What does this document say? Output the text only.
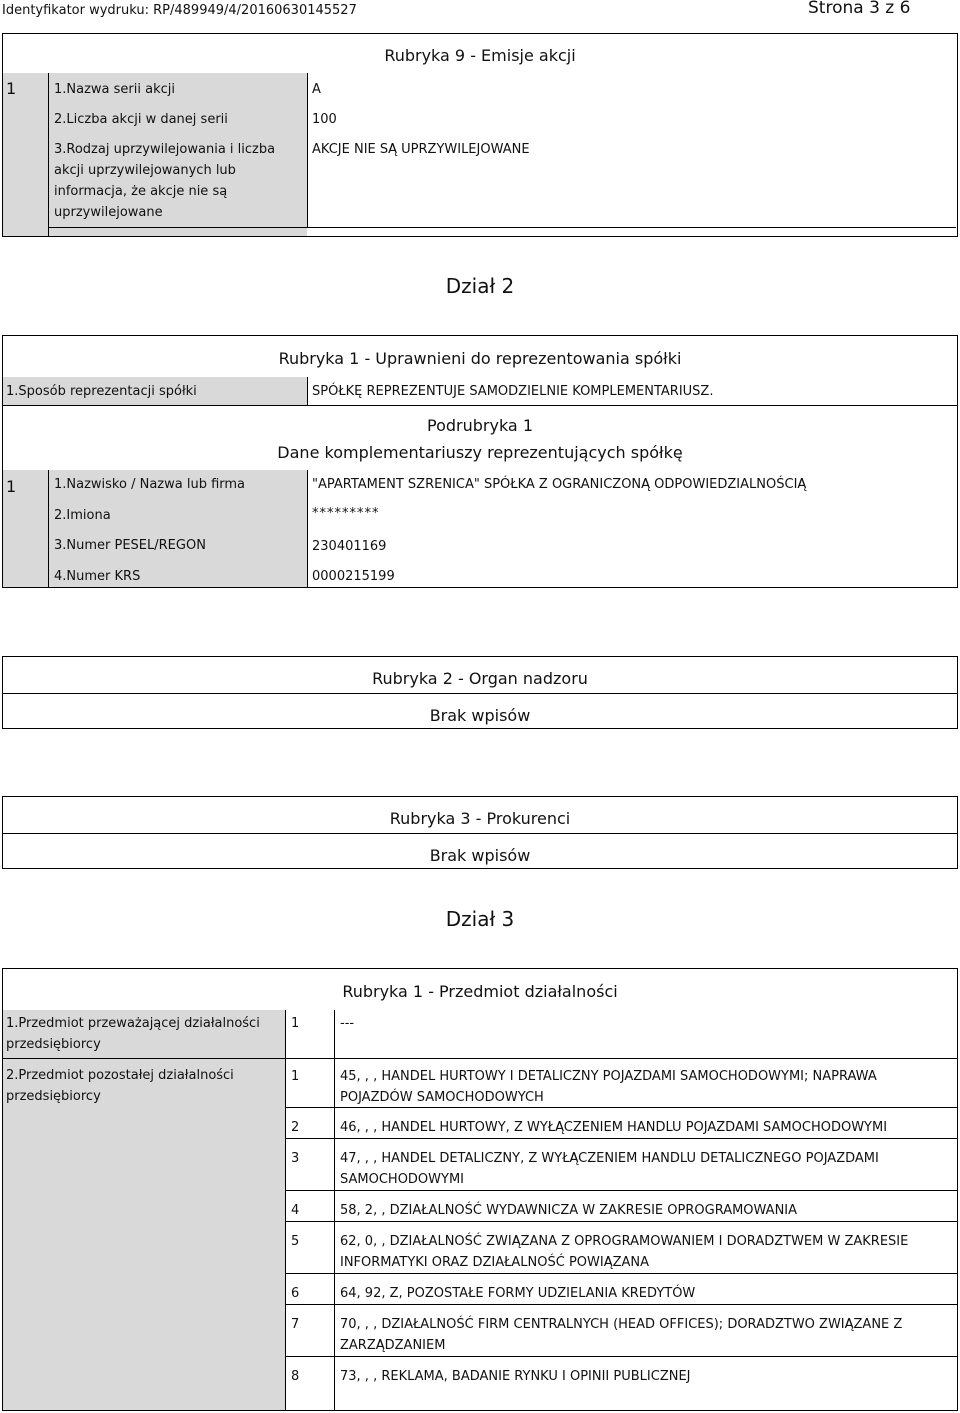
Identyfikator wydruku: RP/489949/4/20160630145527	Strona 3 z 6
Rubryka 9 - Emisje akcji
1	1.Nazwa serii akcji	A
2.Liczba akcji w danej serii	100
3.Rodzaj uprzywilejowania i liczba akcji uprzywilejowanych lub informacja, że akcje nie są uprzywilejowane
AKCJE NIE SĄ UPRZYWILEJOWANE
Dział 2
Rubryka 1 - Uprawnieni do reprezentowania spółki
1.Sposób reprezentacji spółki	SPÓŁKĘ REPREZENTUJE SAMODZIELNIE KOMPLEMENTARIUSZ.
Podrubryka 1
Dane komplementariuszy reprezentujących spółkę
1	1.Nazwisko / Nazwa lub firma	"APARTAMENT SZRENICA" SPÓŁKA Z OGRANICZONĄ ODPOWIEDZIALNOŚCIĄ
2.Imiona	*********
3.Numer PESEL/REGON	230401169
4.Numer KRS	0000215199
Rubryka 2 - Organ nadzoru
Brak wpisów
Rubryka 3 - Prokurenci
Brak wpisów
Dział 3
Rubryka 1 - Przedmiot działalności
1.Przedmiot przeważającej działalności przedsiębiorcy
1	---
2.Przedmiot pozostałej działalności przedsiębiorcy
1	45, , , HANDEL HURTOWY I DETALICZNY POJAZDAMI SAMOCHODOWYMI; NAPRAWA POJAZDÓW SAMOCHODOWYCH
2	46, , , HANDEL HURTOWY, Z WYŁĄCZENIEM HANDLU POJAZDAMI SAMOCHODOWYMI
3	47, , , HANDEL DETALICZNY, Z WYŁĄCZENIEM HANDLU DETALICZNEGO POJAZDAMI SAMOCHODOWYMI
4	58, 2, , DZIAŁALNOŚĆ WYDAWNICZA W ZAKRESIE OPROGRAMOWANIA
5	62, 0, , DZIAŁALNOŚĆ ZWIĄZANA Z OPROGRAMOWANIEM I DORADZTWEM W ZAKRESIE INFORMATYKI ORAZ DZIAŁALNOŚĆ POWIĄZANA
6	64, 92, Z, POZOSTAŁE FORMY UDZIELANIA KREDYTÓW
7	70, , , DZIAŁALNOŚĆ FIRM CENTRALNYCH (HEAD OFFICES); DORADZTWO ZWIĄZANE Z ZARZĄDZANIEM
8	73, , , REKLAMA, BADANIE RYNKU I OPINII PUBLICZNEJ
